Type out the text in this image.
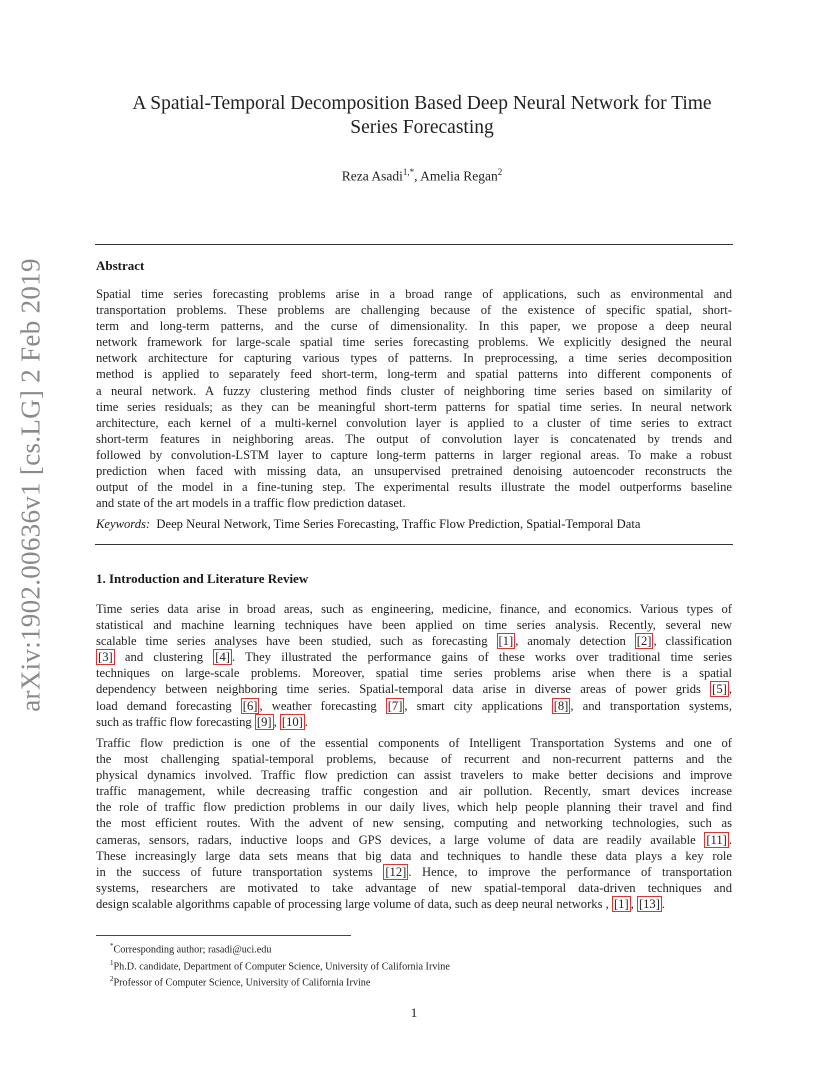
arXiv:1902.00636v1 [cs.LG] 2 Feb 2019
A Spatial-Temporal Decomposition Based Deep Neural Network for Time
Series Forecasting
Reza Asadi$^{1,*}$, Amelia Regan$^2$
Abstract
Spatial time series forecasting problems arise in a broad range of applications, such as environmental and
transportation problems. These problems are challenging because of the existence of specific spatial, short-
term and long-term patterns, and the curse of dimensionality. In this paper, we propose a deep neural
network framework for large-scale spatial time series forecasting problems. We explicitly designed the neural
network architecture for capturing various types of patterns. In preprocessing, a time series decomposition
method is applied to separately feed short-term, long-term and spatial patterns into different components of
a neural network. A fuzzy clustering method finds cluster of neighboring time series based on similarity of
time series residuals; as they can be meaningful short-term patterns for spatial time series. In neural network
architecture, each kernel of a multi-kernel convolution layer is applied to a cluster of time series to extract
short-term features in neighboring areas. The output of convolution layer is concatenated by trends and
followed by convolution-LSTM layer to capture long-term patterns in larger regional areas. To make a robust
prediction when faced with missing data, an unsupervised pretrained denoising autoencoder reconstructs the
output of the model in a fine-tuning step. The experimental results illustrate the model outperforms baseline
and state of the art models in a traffic flow prediction dataset.
Keywords: Deep Neural Network, Time Series Forecasting, Traffic Flow Prediction, Spatial-Temporal Data
1. Introduction and Literature Review
Time series data arise in broad areas, such as engineering, medicine, finance, and economics. Various types of
statistical and machine learning techniques have been applied on time series analysis. Recently, several new
scalable time series analyses have been studied, such as forecasting [1] , anomaly detection [2] , classification
[3] and clustering [4] . They illustrated the performance gains of these works over traditional time series
techniques on large-scale problems. Moreover, spatial time series problems arise when there is a spatial
dependency between neighboring time series. Spatial-temporal data arise in diverse areas of power grids [5] ,
load demand forecasting [6] , weather forecasting [7] , smart city applications [8] , and transportation systems,
such as traffic flow forecasting [9] , [10] .
Traffic flow prediction is one of the essential components of Intelligent Transportation Systems and one of
the most challenging spatial-temporal problems, because of recurrent and non-recurrent patterns and the
physical dynamics involved. Traffic flow prediction can assist travelers to make better decisions and improve
traffic management, while decreasing traffic congestion and air pollution. Recently, smart devices increase
the role of traffic flow prediction problems in our daily lives, which help people planning their travel and find
the most efficient routes. With the advent of new sensing, computing and networking technologies, such as
cameras, sensors, radars, inductive loops and GPS devices, a large volume of data are readily available [11] .
These increasingly large data sets means that big data and techniques to handle these data plays a key role
in the success of future transportation systems [12] . Hence, to improve the performance of transportation
systems, researchers are motivated to take advantage of new spatial-temporal data-driven techniques and
design scalable algorithms capable of processing large volume of data, such as deep neural networks , [1] , [13] .
*Corresponding author; rasadi@uci.edu
$^1$Ph.D. candidate, Department of Computer Science, University of California Irvine
$^2$Professor of Computer Science, University of California Irvine
1
